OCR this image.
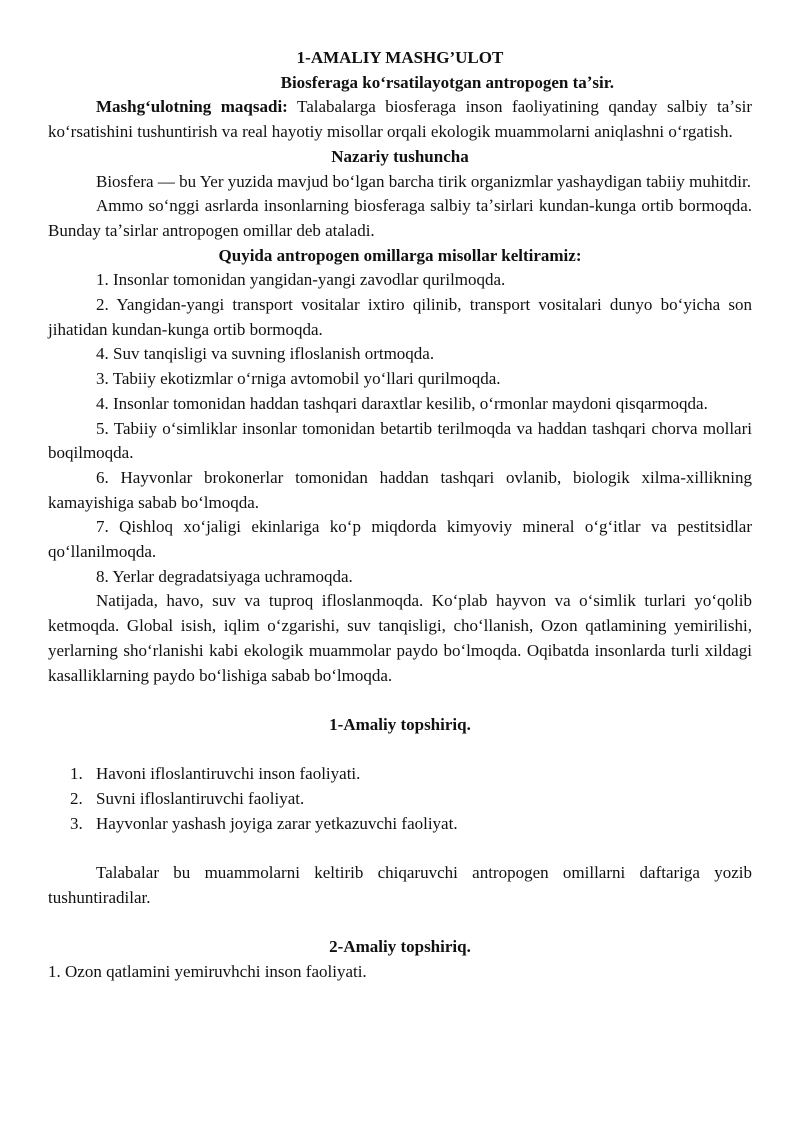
1-AMALIY MASHG’ULOT
Biosferaga koʻrsatilayotgan antropogen taʼsir.

Mashgʻulotning maqsadi: Talabalarga biosferaga inson faoliyatining qanday salbiy taʼsir koʻrsatishini tushuntirish va real hayotiy misollar orqali ekologik muammolarni aniqlashni oʻrgatish.

Nazariy tushuncha

Biosfera — bu Yer yuzida mavjud boʻlgan barcha tirik organizmlar yashaydigan tabiiy muhitdir.

Ammo soʻnggi asrlarda insonlarning biosferaga salbiy taʼsirlari kundan-kunga ortib bormoqda. Bunday taʼsirlar antropogen omillar deb ataladi.

Quyida antropogen omillarga misollar keltiramiz:

1. Insonlar tomonidan yangidan-yangi zavodlar qurilmoqda.

2. Yangidan-yangi transport vositalar ixtiro qilinib, transport vositalari dunyo boʻyicha son jihatidan kundan-kunga ortib bormoqda.

4. Suv tanqisligi va suvning ifloslanish ortmoqda.

3. Tabiiy ekotizmlar oʻrniga avtomobil yoʻllari qurilmoqda.

4. Insonlar tomonidan haddan tashqari daraxtlar kesilib, oʻrmonlar maydoni qisqarmoqda.

5. Tabiiy oʻsimliklar insonlar tomonidan betartib terilmoqda va haddan tashqari chorva mollari boqilmoqda.

6. Hayvonlar brokonerlar tomonidan haddan tashqari ovlanib, biologik xilma-xillikning kamayishiga sabab boʻlmoqda.

7. Qishloq xoʻjaligi ekinlariga koʻp miqdorda kimyoviy mineral oʻgʻitlar va pestitsidlar qoʻllanilmoqda.

8. Yerlar degradatsiyaga uchramoqda.

Natijada, havo, suv va tuproq ifloslanmoqda. Koʻplab hayvon va oʻsimlik turlari yoʻqolib ketmoqda. Global isish, iqlim oʻzgarishi, suv tanqisligi, choʻllanish, Ozon qatlamining yemirilishi, yerlarning shoʻrlanishi kabi ekologik muammolar paydo boʻlmoqda. Oqibatda insonlarda turli xildagi kasalliklarning paydo boʻlishiga sabab boʻlmoqda.

1-Amaliy topshiriq.
1. Havoni ifloslantiruvchi inson faoliyati.
2. Suvni ifloslantiruvchi faoliyat.
3. Hayvonlar yashash joyiga zarar yetkazuvchi faoliyat.

Talabalar bu muammolarni keltirib chiqaruvchi antropogen omillarni daftariga yozib tushuntiradilar.

2-Amaliy topshiriq.

1. Ozon qatlamini yemiruvhchi inson faoliyati.
